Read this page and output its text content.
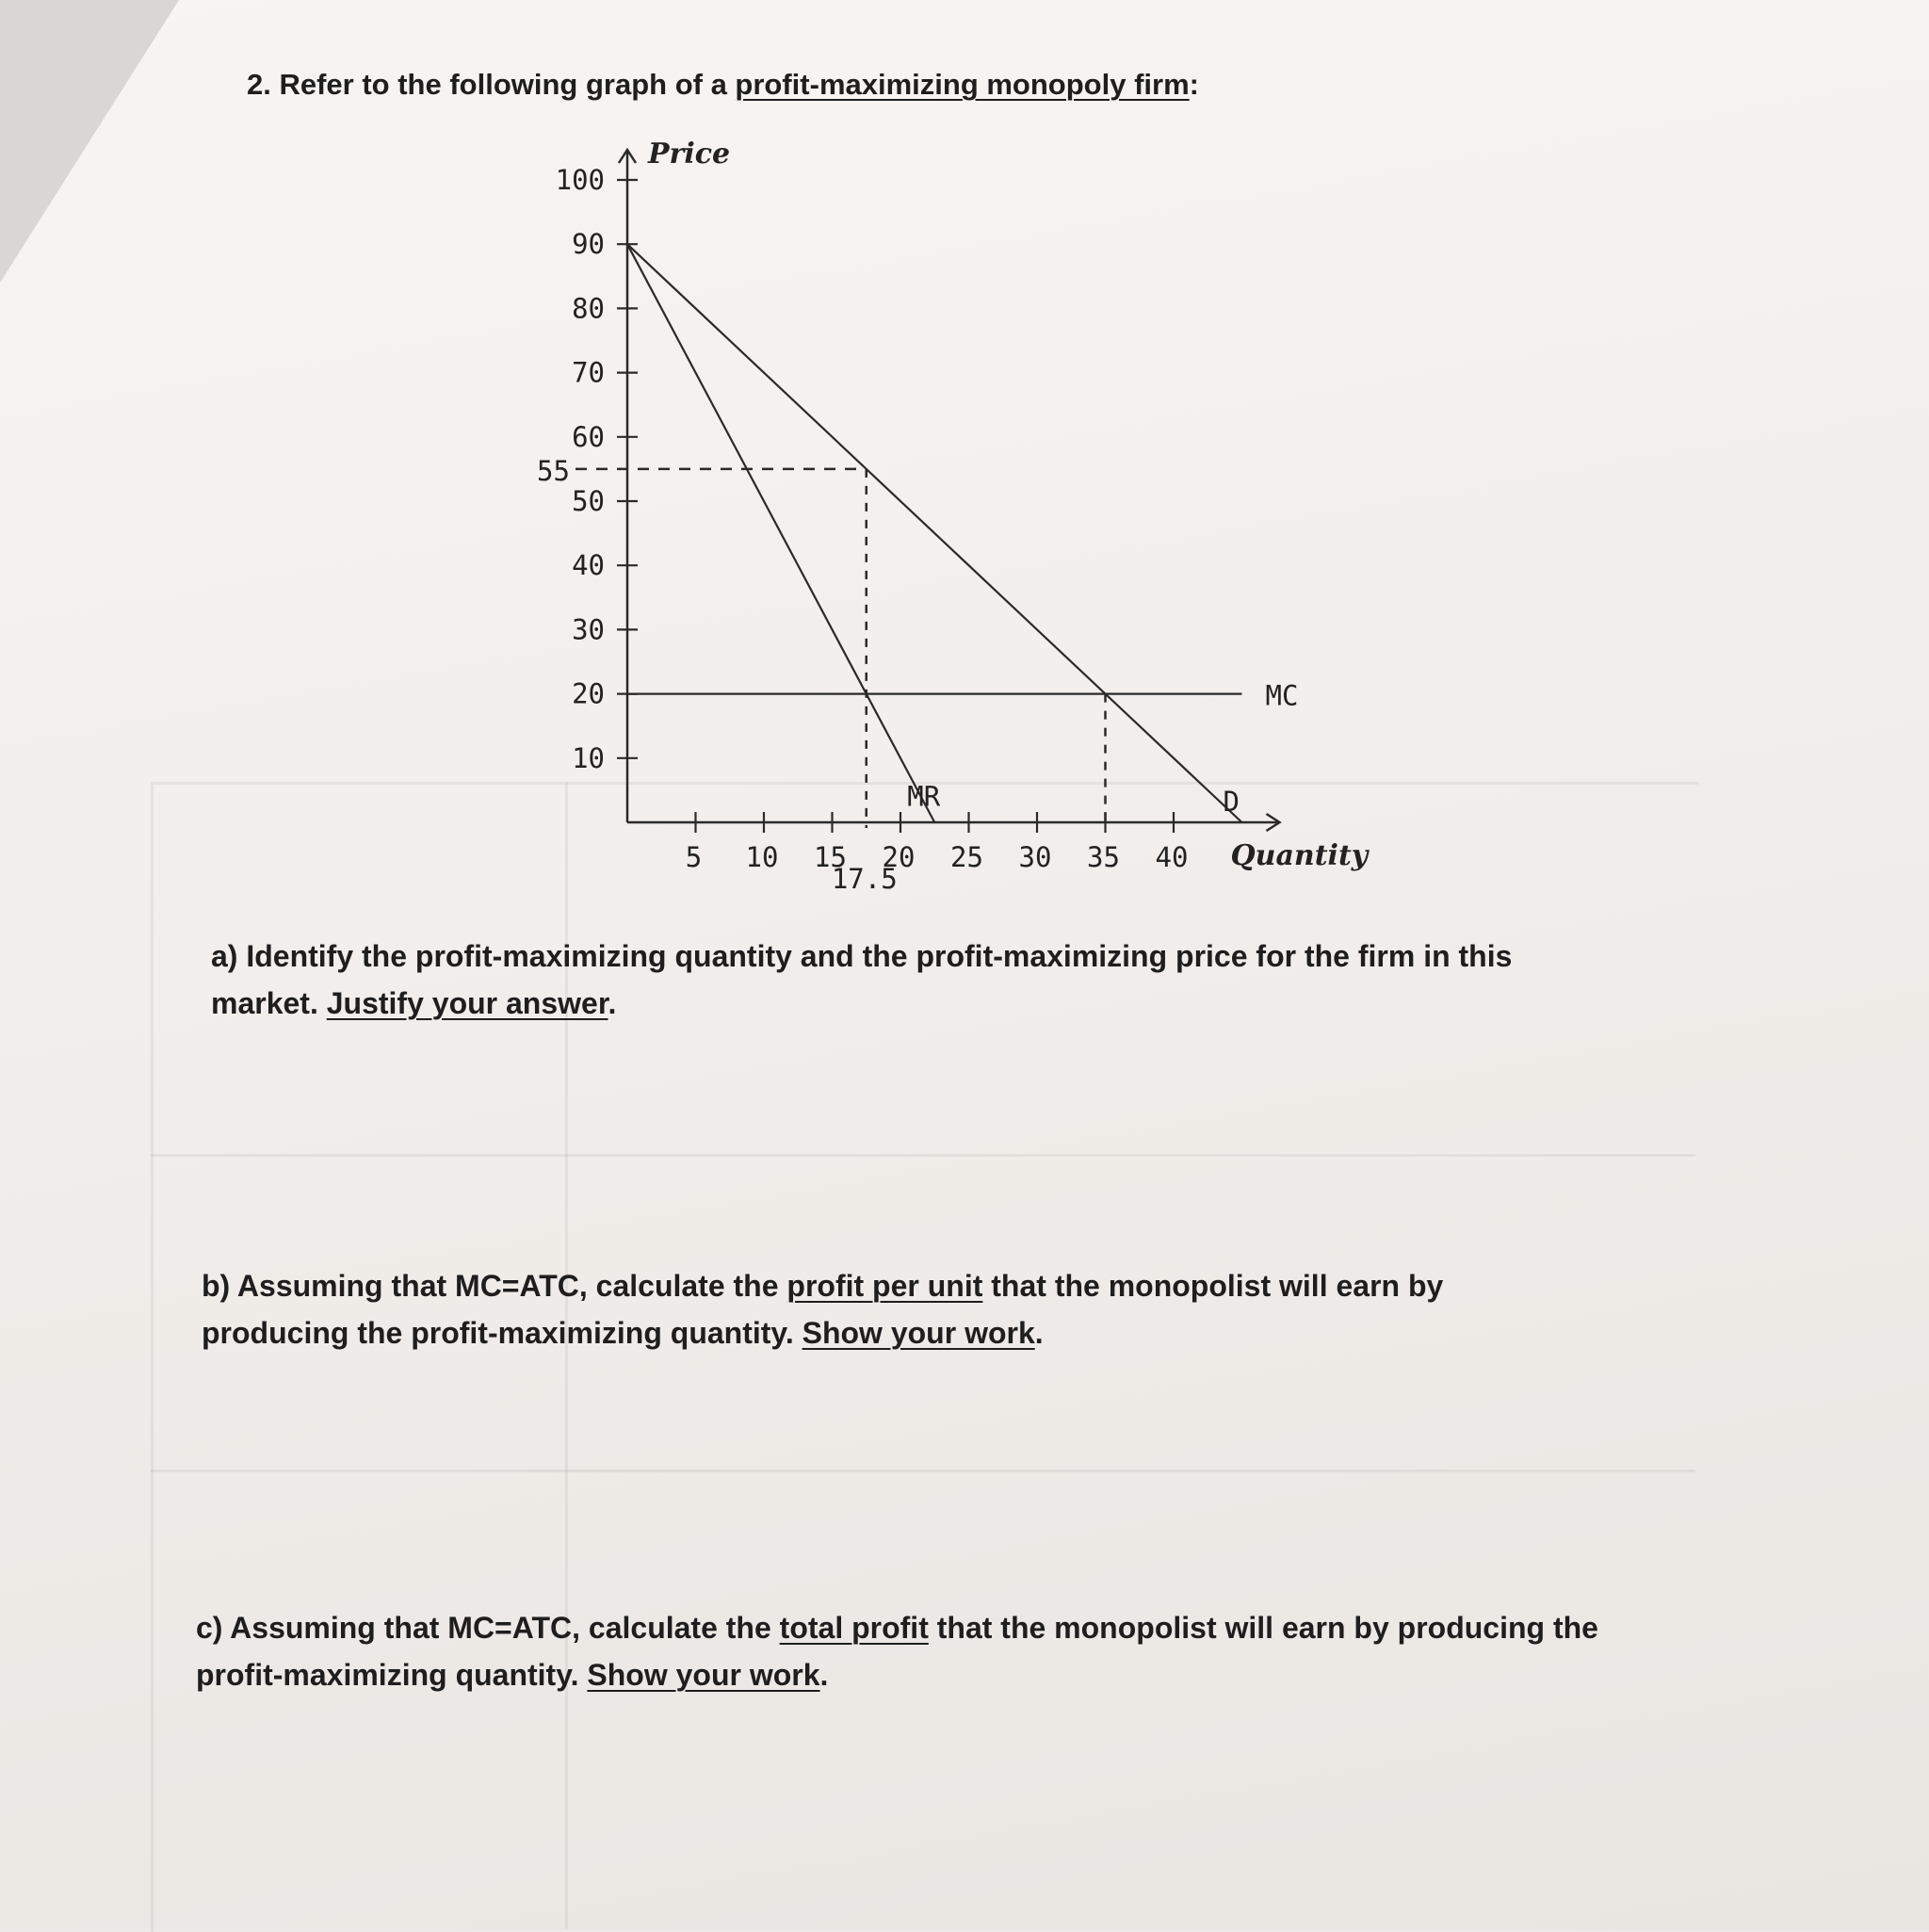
2. Refer to the following graph of a profit-maximizing monopoly firm:

Price
Quantity
10
20
30
40
50
60
70
80
90
100
5 10 15 20 25 30 35 40
MC
D
MR
55
17.5

a) Identify the profit-maximizing quantity and the profit-maximizing price for the firm in this market. Justify your answer.

b) Assuming that MC=ATC, calculate the profit per unit that the monopolist will earn by producing the profit-maximizing quantity. Show your work.

c) Assuming that MC=ATC, calculate the total profit that the monopolist will earn by producing the profit-maximizing quantity. Show your work.
